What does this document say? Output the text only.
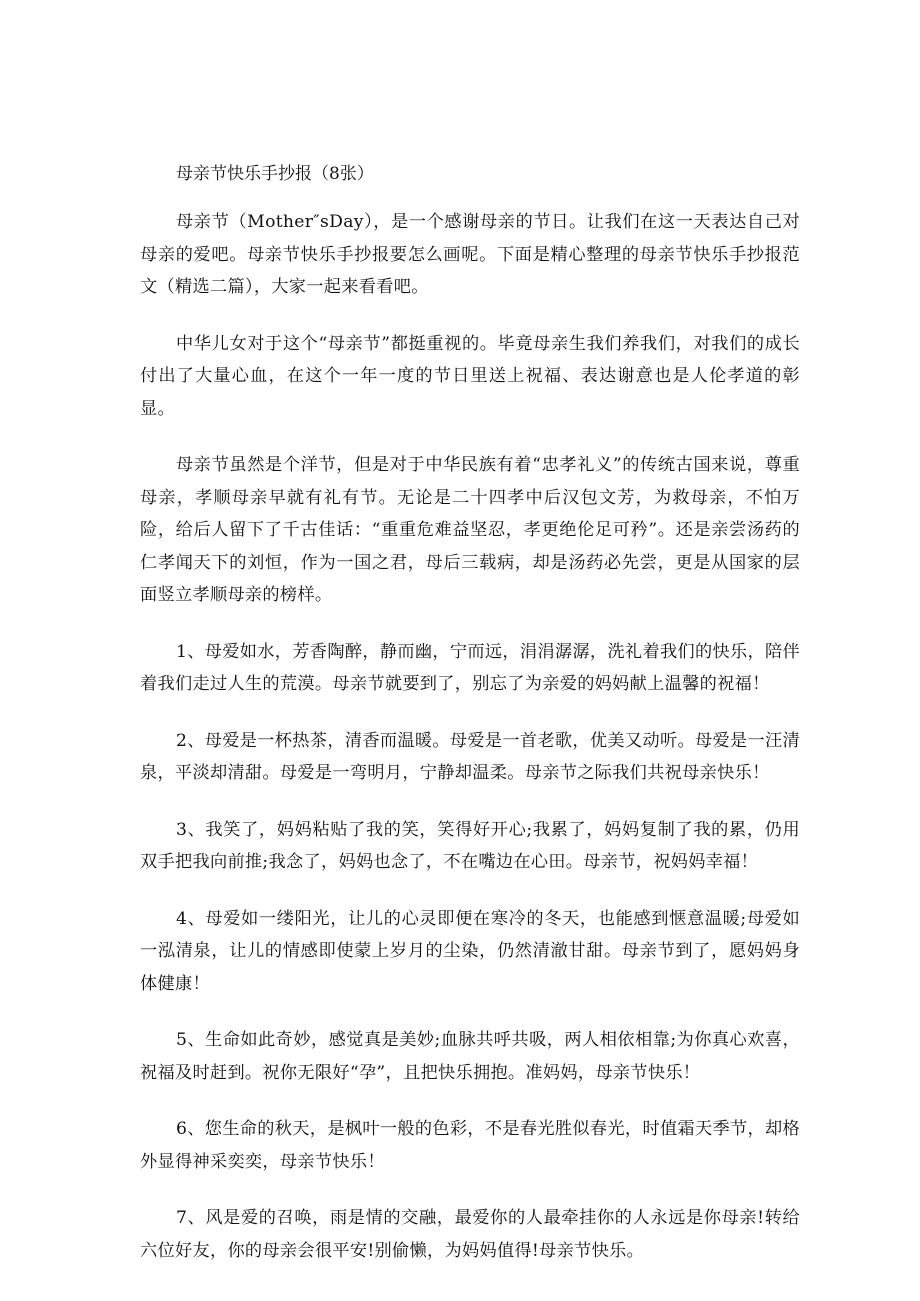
母亲节快乐手抄报（8张）

母亲节（Mother″sDay），是一个感谢母亲的节日。让我们在这一天表达自己对母亲的爱吧。母亲节快乐手抄报要怎么画呢。下面是精心整理的母亲节快乐手抄报范文（精选二篇），大家一起来看看吧。

中华儿女对于这个“母亲节”都挺重视的。毕竟母亲生我们养我们，对我们的成长付出了大量心血，在这个一年一度的节日里送上祝福、表达谢意也是人伦孝道的彰显。

母亲节虽然是个洋节，但是对于中华民族有着“忠孝礼义”的传统古国来说，尊重母亲，孝顺母亲早就有礼有节。无论是二十四孝中后汉包文芳，为救母亲，不怕万险，给后人留下了千古佳话：“重重危难益坚忍，孝更绝伦足可矜”。还是亲尝汤药的仁孝闻天下的刘恒，作为一国之君，母后三载病，却是汤药必先尝，更是从国家的层面竖立孝顺母亲的榜样。

1、母爱如水，芳香陶醉，静而幽，宁而远，涓涓潺潺，洗礼着我们的快乐，陪伴着我们走过人生的荒漠。母亲节就要到了，别忘了为亲爱的妈妈献上温馨的祝福！

2、母爱是一杯热茶，清香而温暖。母爱是一首老歌，优美又动听。母爱是一汪清泉，平淡却清甜。母爱是一弯明月，宁静却温柔。母亲节之际我们共祝母亲快乐！

3、我笑了，妈妈粘贴了我的笑，笑得好开心;我累了，妈妈复制了我的累，仍用双手把我向前推;我念了，妈妈也念了，不在嘴边在心田。母亲节，祝妈妈幸福！

4、母爱如一缕阳光，让儿的心灵即便在寒冷的冬天，也能感到惬意温暖;母爱如一泓清泉，让儿的情感即使蒙上岁月的尘染，仍然清澈甘甜。母亲节到了，愿妈妈身体健康！

5、生命如此奇妙，感觉真是美妙;血脉共呼共吸，两人相依相靠;为你真心欢喜，祝福及时赶到。祝你无限好“孕”，且把快乐拥抱。准妈妈，母亲节快乐！

6、您生命的秋天，是枫叶一般的色彩，不是春光胜似春光，时值霜天季节，却格外显得神采奕奕，母亲节快乐！

7、风是爱的召唤，雨是情的交融，最爱你的人最牵挂你的人永远是你母亲!转给六位好友，你的母亲会很平安!别偷懒，为妈妈值得!母亲节快乐。
